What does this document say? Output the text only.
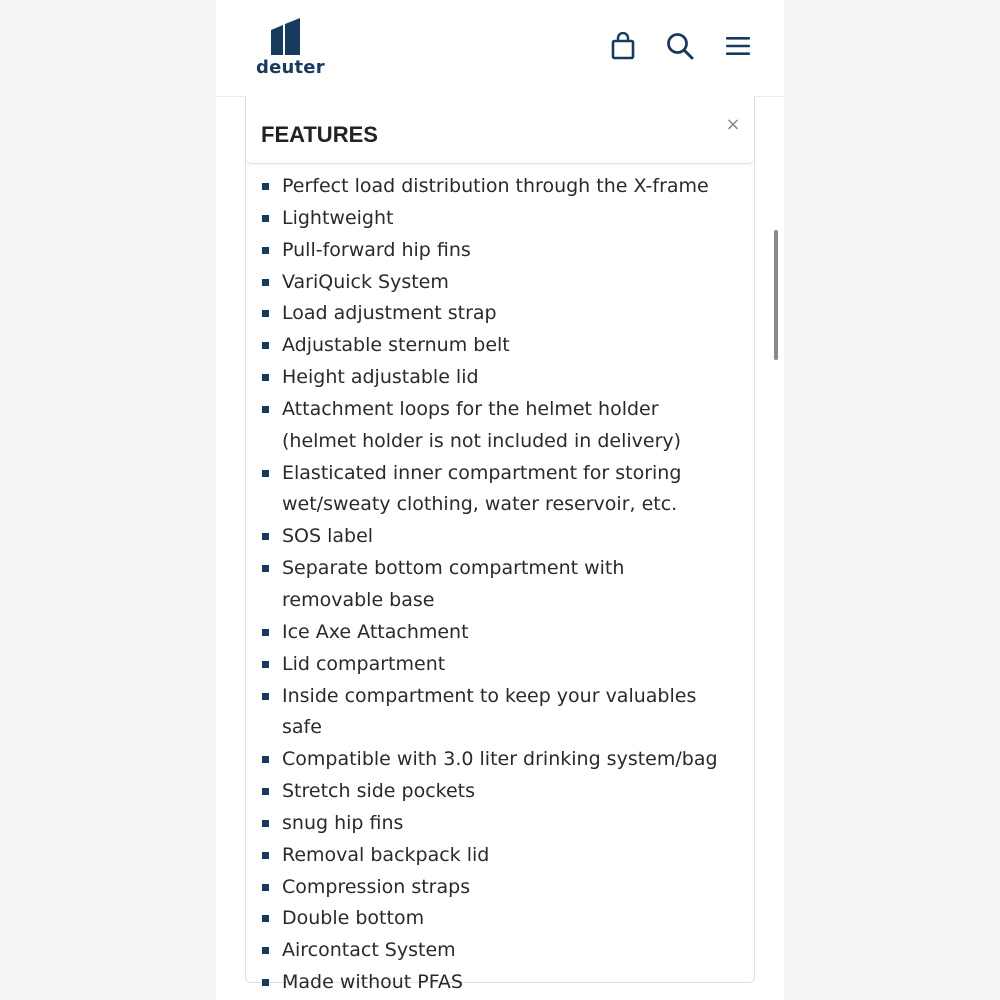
deuter
FEATURES	×
Perfect load distribution through the X-frame
Lightweight
Pull-forward hip fins
VariQuick System
Load adjustment strap
Adjustable sternum belt
Height adjustable lid
Attachment loops for the helmet holder (helmet holder is not included in delivery)
Elasticated inner compartment for storing wet/sweaty clothing, water reservoir, etc.
SOS label
Separate bottom compartment with removable base
Ice Axe Attachment
Lid compartment
Inside compartment to keep your valuables safe
Compatible with 3.0 liter drinking system/bag
Stretch side pockets
snug hip fins
Removal backpack lid
Compression straps
Double bottom
Aircontact System
Made without PFAS
